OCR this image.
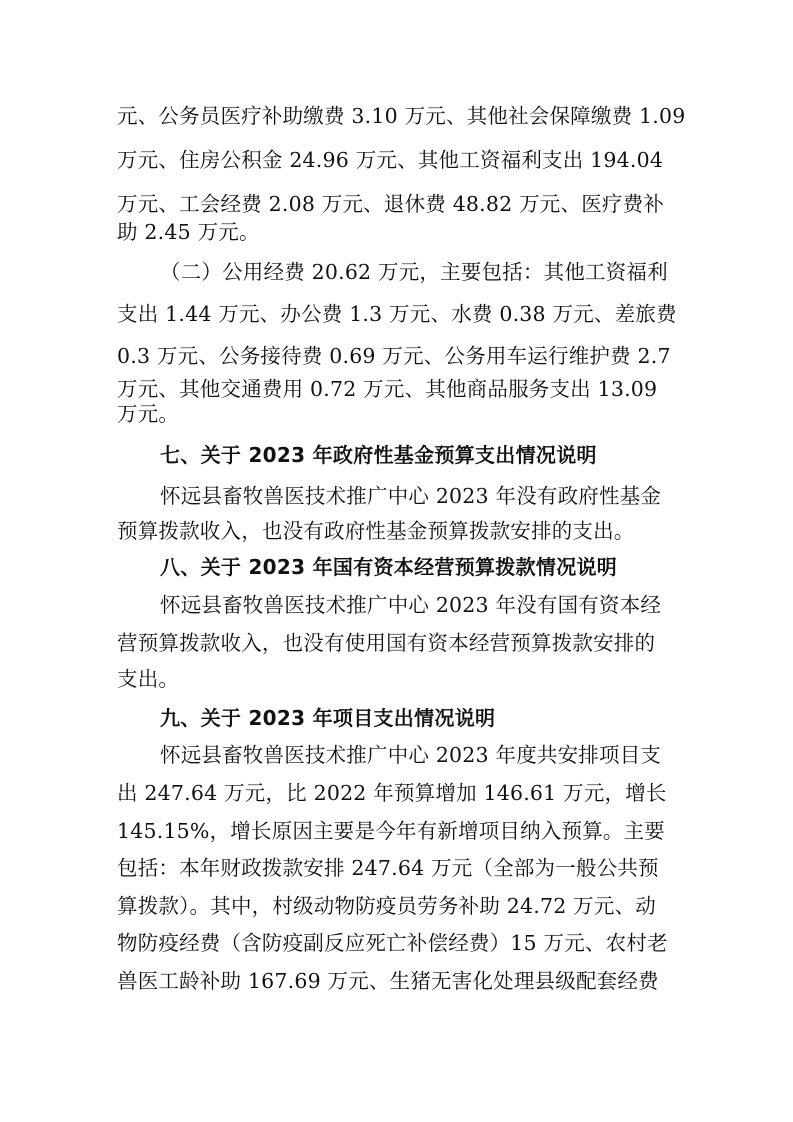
元、公务员医疗补助缴费 3.10 万元、其他社会保障缴费 1.09
万元、住房公积金 24.96 万元、其他工资福利支出 194.04
万元、工会经费 2.08 万元、退休费 48.82 万元、医疗费补
助 2.45 万元。
（二）公用经费 20.62 万元，主要包括：其他工资福利
支出 1.44 万元、办公费 1.3 万元、水费 0.38 万元、差旅费
0.3 万元、公务接待费 0.69 万元、公务用车运行维护费 2.7
万元、其他交通费用 0.72 万元、其他商品服务支出 13.09
万元。
七、关于 2023 年政府性基金预算支出情况说明
怀远县畜牧兽医技术推广中心 2023 年没有政府性基金
预算拨款收入，也没有政府性基金预算拨款安排的支出。
八、关于 2023 年国有资本经营预算拨款情况说明
怀远县畜牧兽医技术推广中心 2023 年没有国有资本经
营预算拨款收入，也没有使用国有资本经营预算拨款安排的
支出。
九、关于 2023 年项目支出情况说明
怀远县畜牧兽医技术推广中心 2023 年度共安排项目支
出 247.64 万元，比 2022 年预算增加 146.61 万元，增长
145.15%，增长原因主要是今年有新增项目纳入预算。主要
包括：本年财政拨款安排 247.64 万元（全部为一般公共预
算拨款）。其中，村级动物防疫员劳务补助 24.72 万元、动
物防疫经费（含防疫副反应死亡补偿经费）15 万元、农村老
兽医工龄补助 167.69 万元、生猪无害化处理县级配套经费
